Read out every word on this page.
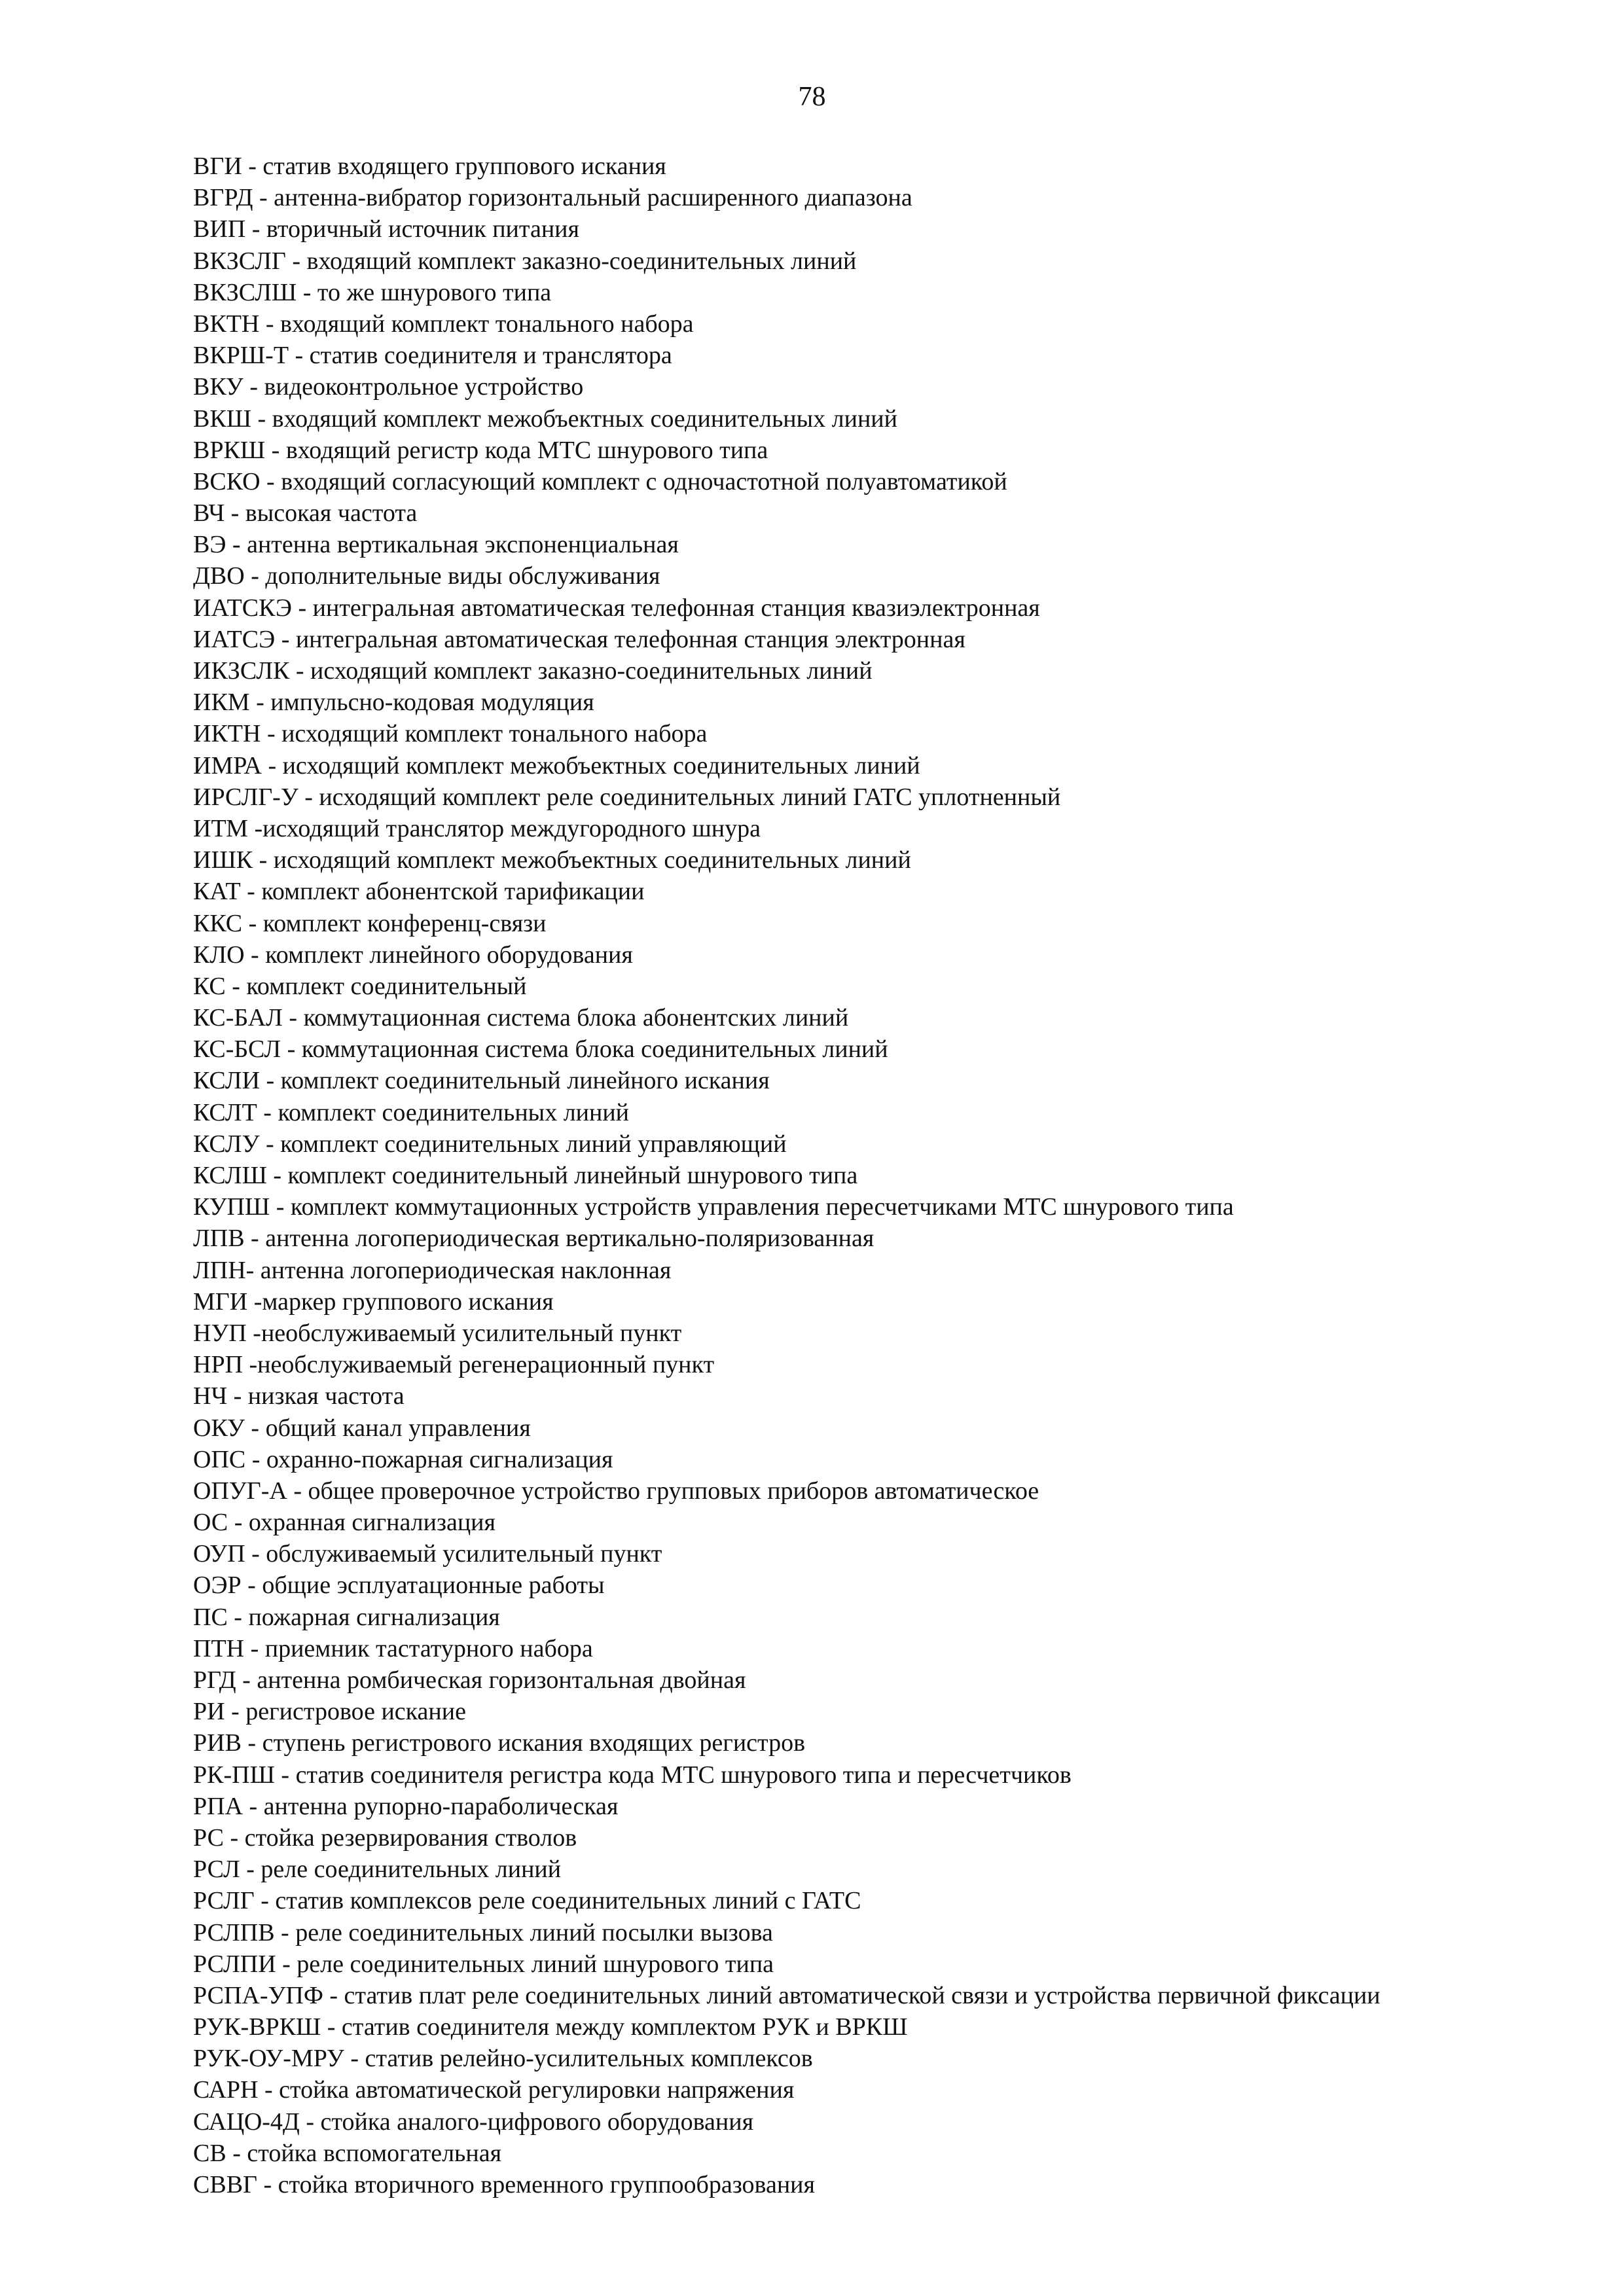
78
ВГИ - статив входящего группового искания
ВГРД - антенна-вибратор горизонтальный расширенного диапазона
ВИП - вторичный источник питания
ВКЗСЛГ - входящий комплект заказно-соединительных линий
ВКЗСЛШ - то же шнурового типа
ВКТН - входящий комплект тонального набора
ВКРШ-Т - статив соединителя и транслятора
ВКУ - видеоконтрольное устройство
ВКШ - входящий комплект межобъектных соединительных линий
ВРКШ - входящий регистр кода МТС шнурового типа
ВСКО - входящий согласующий комплект с одночастотной полуавтоматикой
ВЧ - высокая частота
ВЭ - антенна вертикальная экспоненциальная
ДВО - дополнительные виды обслуживания
ИАТСКЭ - интегральная автоматическая телефонная станция квазиэлектронная
ИАТСЭ - интегральная автоматическая телефонная станция электронная
ИКЗСЛК - исходящий комплект заказно-соединительных линий
ИКМ - импульсно-кодовая модуляция
ИКТН - исходящий комплект тонального набора
ИМРА - исходящий комплект межобъектных соединительных линий
ИРСЛГ-У - исходящий комплект реле соединительных линий ГАТС уплотненный
ИТМ -исходящий транслятор междугородного шнура
ИШК - исходящий комплект межобъектных соединительных линий
КАТ - комплект абонентской тарификации
ККС - комплект конференц-связи
КЛО - комплект линейного оборудования
КС - комплект соединительный
КС-БАЛ - коммутационная система блока абонентских линий
КС-БСЛ - коммутационная система блока соединительных линий
КСЛИ - комплект соединительный линейного искания
КСЛТ - комплект соединительных линий
КСЛУ - комплект соединительных линий управляющий
КСЛШ - комплект соединительный линейный шнурового типа
КУПШ - комплект коммутационных устройств управления пересчетчиками МТС шнурового типа
ЛПВ - антенна логопериодическая вертикально-поляризованная
ЛПН- антенна логопериодическая наклонная
МГИ -маркер группового искания
НУП -необслуживаемый усилительный пункт
НРП -необслуживаемый регенерационный пункт
НЧ - низкая частота
ОКУ - общий канал управления
ОПС - охранно-пожарная сигнализация
ОПУГ-А - общее проверочное устройство групповых приборов автоматическое
ОС - охранная сигнализация
ОУП - обслуживаемый усилительный пункт
ОЭР - общие эсплуатационные работы
ПС - пожарная сигнализация
ПТН - приемник тастатурного набора
РГД - антенна ромбическая горизонтальная двойная
РИ - регистровое искание
РИВ - ступень регистрового искания входящих регистров
РК-ПШ - статив соединителя регистра кода МТС шнурового типа и пересчетчиков
РПА - антенна рупорно-параболическая
РС - стойка резервирования стволов
РСЛ - реле соединительных линий
РСЛГ - статив комплексов реле соединительных линий с ГАТС
РСЛПВ - реле соединительных линий посылки вызова
РСЛПИ - реле соединительных линий шнурового типа
РСПА-УПФ - статив плат реле соединительных линий автоматической связи и устройства первичной фиксации
РУК-ВРКШ - статив соединителя между комплектом РУК и ВРКШ
РУК-ОУ-МРУ - статив релейно-усилительных комплексов
САРН - стойка автоматической регулировки напряжения
САЦО-4Д - стойка аналого-цифрового оборудования
СВ - стойка вспомогательная
СВВГ - стойка вторичного временного группообразования
